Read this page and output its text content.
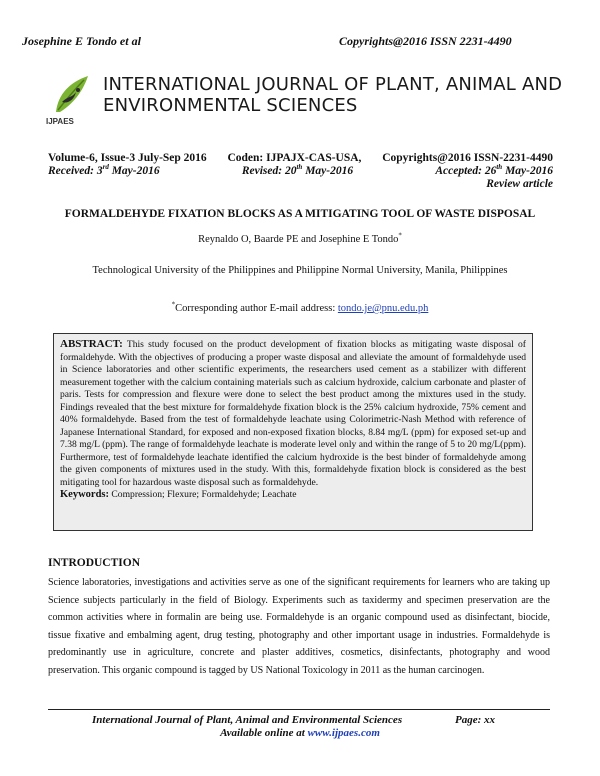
Josephine E Tondo et al	Copyrights@2016 ISSN 2231-4490
IJPAES
INTERNATIONAL JOURNAL OF PLANT, ANIMAL AND
ENVIRONMENTAL SCIENCES
Volume-6, Issue-3 July-Sep 2016 Coden: IJPAJX-CAS-USA, Copyrights@2016 ISSN-2231-4490
Received: 3rd May-2016	Revised: 20th May-2016	Accepted: 26th May-2016
Review article
FORMALDEHYDE FIXATION BLOCKS AS A MITIGATING TOOL OF WASTE DISPOSAL
Reynaldo O, Baarde PE and Josephine E Tondo*
Technological University of the Philippines and Philippine Normal University, Manila, Philippines
*Corresponding author E-mail address: tondo.je@pnu.edu.ph
ABSTRACT: This study focused on the product development of fixation blocks as mitigating waste disposal of formaldehyde. With the objectives of producing a proper waste disposal and alleviate the amount of formaldehyde used in Science laboratories and other scientific experiments, the researchers used cement as a stabilizer with different measurement together with the calcium containing materials such as calcium hydroxide, calcium carbonate and plaster of paris. Tests for compression and flexure were done to select the best product among the mixtures used in the study. Findings revealed that the best mixture for formaldehyde fixation block is the 25% calcium hydroxide, 75% cement and 40% formaldehyde. Based from the test of formaldehyde leachate using Colorimetric-Nash Method with reference of Japanese International Standard, for exposed and non-exposed fixation blocks, 8.84 mg/L (ppm) for exposed set-up and 7.38 mg/L (ppm). The range of formaldehyde leachate is moderate level only and within the range of 5 to 20 mg/L(ppm). Furthermore, test of formaldehyde leachate identified the calcium hydroxide is the best binder of formaldehyde among the given components of mixtures used in the study. With this, formaldehyde fixation block is considered as the best mitigating tool for hazardous waste disposal such as formaldehyde.
Keywords: Compression; Flexure; Formaldehyde; Leachate
INTRODUCTION
Science laboratories, investigations and activities serve as one of the significant requirements for learners who are taking up Science subjects particularly in the field of Biology. Experiments such as taxidermy and specimen preservation are the common activities where in formalin are being use. Formaldehyde is an organic compound used as disinfectant, biocide, tissue fixative and embalming agent, drug testing, photography and other important usage in industries. Formaldehyde is predominantly use in agriculture, concrete and plaster additives, cosmetics, disinfectants, photography and wood preservation. This organic compound is tagged by US National Toxicology in 2011 as the human carcinogen.
International Journal of Plant, Animal and Environmental Sciences	Page: xx
Available online at www.ijpaes.com
